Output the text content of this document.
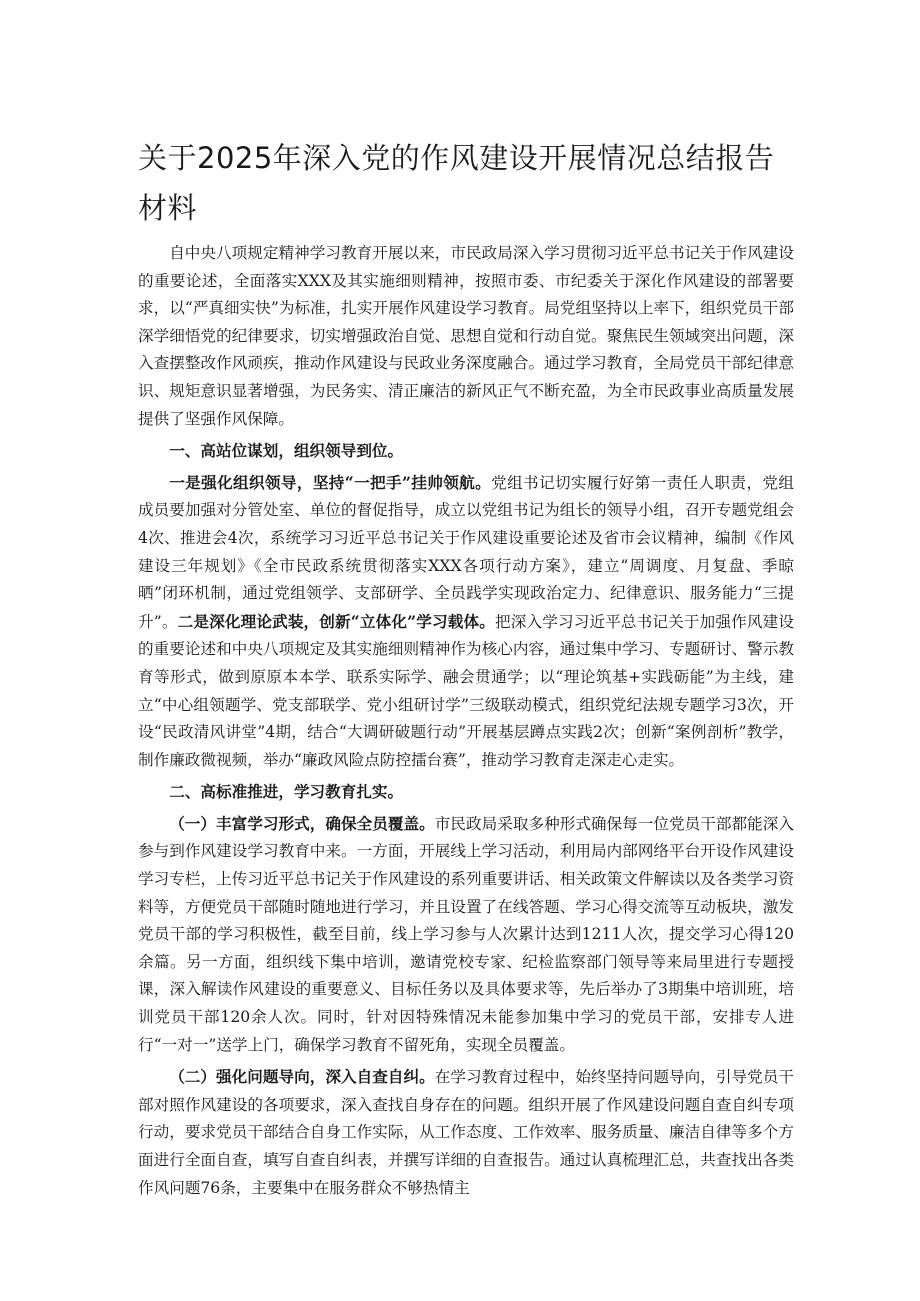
关于2025年深入党的作风建设开展情况总结报告材料

自中央八项规定精神学习教育开展以来，市民政局深入学习贯彻习近平总书记关于作风建设的重要论述，全面落实XXX及其实施细则精神，按照市委、市纪委关于深化作风建设的部署要求，以“严真细实快”为标准，扎实开展作风建设学习教育。局党组坚持以上率下，组织党员干部深学细悟党的纪律要求，切实增强政治自觉、思想自觉和行动自觉。聚焦民生领域突出问题，深入查摆整改作风顽疾，推动作风建设与民政业务深度融合。通过学习教育，全局党员干部纪律意识、规矩意识显著增强，为民务实、清正廉洁的新风正气不断充盈，为全市民政事业高质量发展提供了坚强作风保障。

一、高站位谋划，组织领导到位。

一是强化组织领导，坚持“一把手”挂帅领航。党组书记切实履行好第一责任人职责，党组成员要加强对分管处室、单位的督促指导，成立以党组书记为组长的领导小组，召开专题党组会4次、推进会4次，系统学习习近平总书记关于作风建设重要论述及省市会议精神，编制《作风建设三年规划》《全市民政系统贯彻落实XXX各项行动方案》，建立“周调度、月复盘、季晾晒”闭环机制，通过党组领学、支部研学、全员践学实现政治定力、纪律意识、服务能力“三提升”。二是深化理论武装，创新“立体化”学习载体。把深入学习习近平总书记关于加强作风建设的重要论述和中央八项规定及其实施细则精神作为核心内容，通过集中学习、专题研讨、警示教育等形式，做到原原本本学、联系实际学、融会贯通学；以“理论筑基+实践砺能”为主线，建立“中心组领题学、党支部联学、党小组研讨学”三级联动模式，组织党纪法规专题学习3次，开设“民政清风讲堂”4期，结合“大调研破题行动”开展基层蹲点实践2次；创新“案例剖析”教学，制作廉政微视频，举办“廉政风险点防控擂台赛”，推动学习教育走深走心走实。

二、高标准推进，学习教育扎实。

（一）丰富学习形式，确保全员覆盖。市民政局采取多种形式确保每一位党员干部都能深入参与到作风建设学习教育中来。一方面，开展线上学习活动，利用局内部网络平台开设作风建设学习专栏，上传习近平总书记关于作风建设的系列重要讲话、相关政策文件解读以及各类学习资料等，方便党员干部随时随地进行学习，并且设置了在线答题、学习心得交流等互动板块，激发党员干部的学习积极性，截至目前，线上学习参与人次累计达到1211人次，提交学习心得120余篇。另一方面，组织线下集中培训，邀请党校专家、纪检监察部门领导等来局里进行专题授课，深入解读作风建设的重要意义、目标任务以及具体要求等，先后举办了3期集中培训班，培训党员干部120余人次。同时，针对因特殊情况未能参加集中学习的党员干部，安排专人进行“一对一”送学上门，确保学习教育不留死角，实现全员覆盖。

（二）强化问题导向，深入自查自纠。在学习教育过程中，始终坚持问题导向，引导党员干部对照作风建设的各项要求，深入查找自身存在的问题。组织开展了作风建设问题自查自纠专项行动，要求党员干部结合自身工作实际，从工作态度、工作效率、服务质量、廉洁自律等多个方面进行全面自查，填写自查自纠表，并撰写详细的自查报告。通过认真梳理汇总，共查找出各类作风问题76条，主要集中在服务群众不够热情主
